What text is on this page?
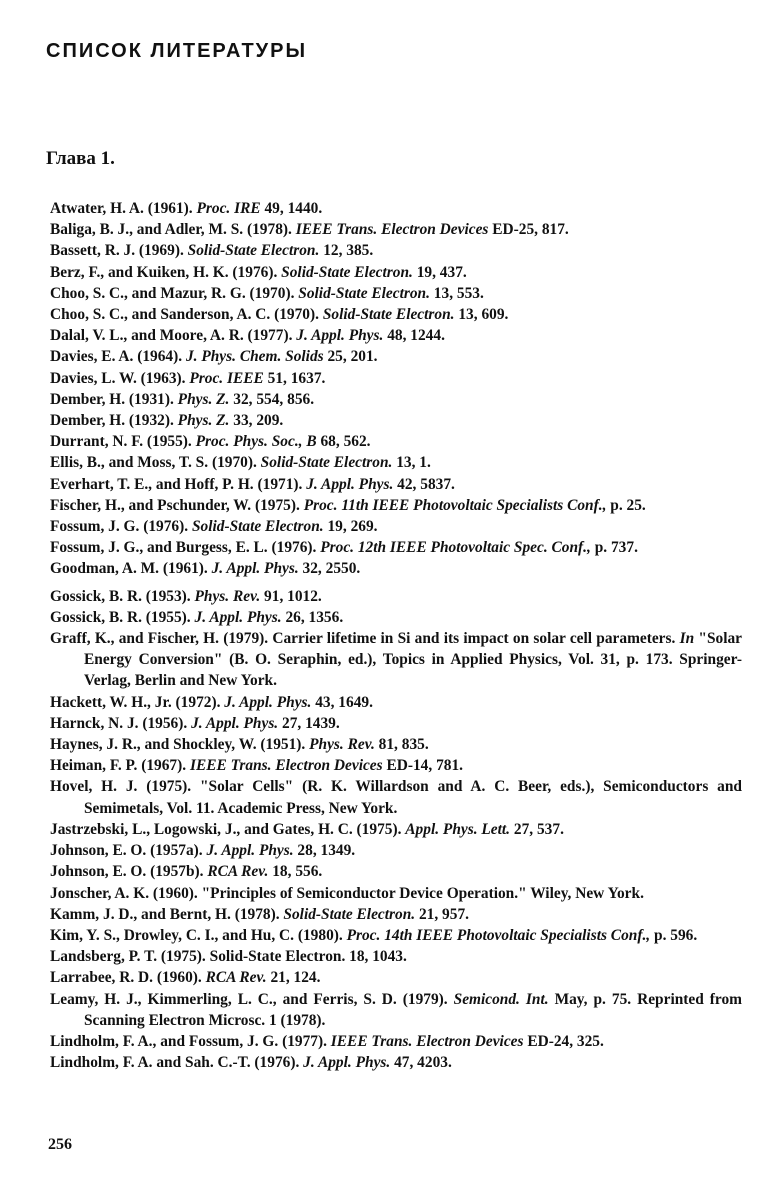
СПИСОК ЛИТЕРАТУРЫ
Глава 1.
Atwater, H. A. (1961). Proc. IRE 49, 1440.
Baliga, B. J., and Adler, M. S. (1978). IEEE Trans. Electron Devices ED-25, 817.
Bassett, R. J. (1969). Solid-State Electron. 12, 385.
Berz, F., and Kuiken, H. K. (1976). Solid-State Electron. 19, 437.
Choo, S. C., and Mazur, R. G. (1970). Solid-State Electron. 13, 553.
Choo, S. C., and Sanderson, A. C. (1970). Solid-State Electron. 13, 609.
Dalal, V. L., and Moore, A. R. (1977). J. Appl. Phys. 48, 1244.
Davies, E. A. (1964). J. Phys. Chem. Solids 25, 201.
Davies, L. W. (1963). Proc. IEEE 51, 1637.
Dember, H. (1931). Phys. Z. 32, 554, 856.
Dember, H. (1932). Phys. Z. 33, 209.
Durrant, N. F. (1955). Proc. Phys. Soc., B 68, 562.
Ellis, B., and Moss, T. S. (1970). Solid-State Electron. 13, 1.
Everhart, T. E., and Hoff, P. H. (1971). J. Appl. Phys. 42, 5837.
Fischer, H., and Pschunder, W. (1975). Proc. 11th IEEE Photovoltaic Specialists Conf., p. 25.
Fossum, J. G. (1976). Solid-State Electron. 19, 269.
Fossum, J. G., and Burgess, E. L. (1976). Proc. 12th IEEE Photovoltaic Spec. Conf., p. 737.
Goodman, A. M. (1961). J. Appl. Phys. 32, 2550.
Gossick, B. R. (1953). Phys. Rev. 91, 1012.
Gossick, B. R. (1955). J. Appl. Phys. 26, 1356.
Graff, K., and Fischer, H. (1979). Carrier lifetime in Si and its impact on solar cell parameters. In "Solar Energy Conversion" (B. O. Seraphin, ed.), Topics in Applied Physics, Vol. 31, p. 173. Springer-Verlag, Berlin and New York.
Hackett, W. H., Jr. (1972). J. Appl. Phys. 43, 1649.
Harnck, N. J. (1956). J. Appl. Phys. 27, 1439.
Haynes, J. R., and Shockley, W. (1951). Phys. Rev. 81, 835.
Heiman, F. P. (1967). IEEE Trans. Electron Devices ED-14, 781.
Hovel, H. J. (1975). "Solar Cells" (R. K. Willardson and A. C. Beer, eds.), Semiconductors and Semimetals, Vol. 11. Academic Press, New York.
Jastrzebski, L., Logowski, J., and Gates, H. C. (1975). Appl. Phys. Lett. 27, 537.
Johnson, E. O. (1957a). J. Appl. Phys. 28, 1349.
Johnson, E. O. (1957b). RCA Rev. 18, 556.
Jonscher, A. K. (1960). "Principles of Semiconductor Device Operation." Wiley, New York.
Kamm, J. D., and Bernt, H. (1978). Solid-State Electron. 21, 957.
Kim, Y. S., Drowley, C. I., and Hu, C. (1980). Proc. 14th IEEE Photovoltaic Specialists Conf., p. 596.
Landsberg, P. T. (1975). Solid-State Electron. 18, 1043.
Larrabee, R. D. (1960). RCA Rev. 21, 124.
Leamy, H. J., Kimmerling, L. C., and Ferris, S. D. (1979). Semicond. Int. May, p. 75. Reprinted from Scanning Electron Microsc. 1 (1978).
Lindholm, F. A., and Fossum, J. G. (1977). IEEE Trans. Electron Devices ED-24, 325.
Lindholm, F. A. and Sah. C.-T. (1976). J. Appl. Phys. 47, 4203.
256
